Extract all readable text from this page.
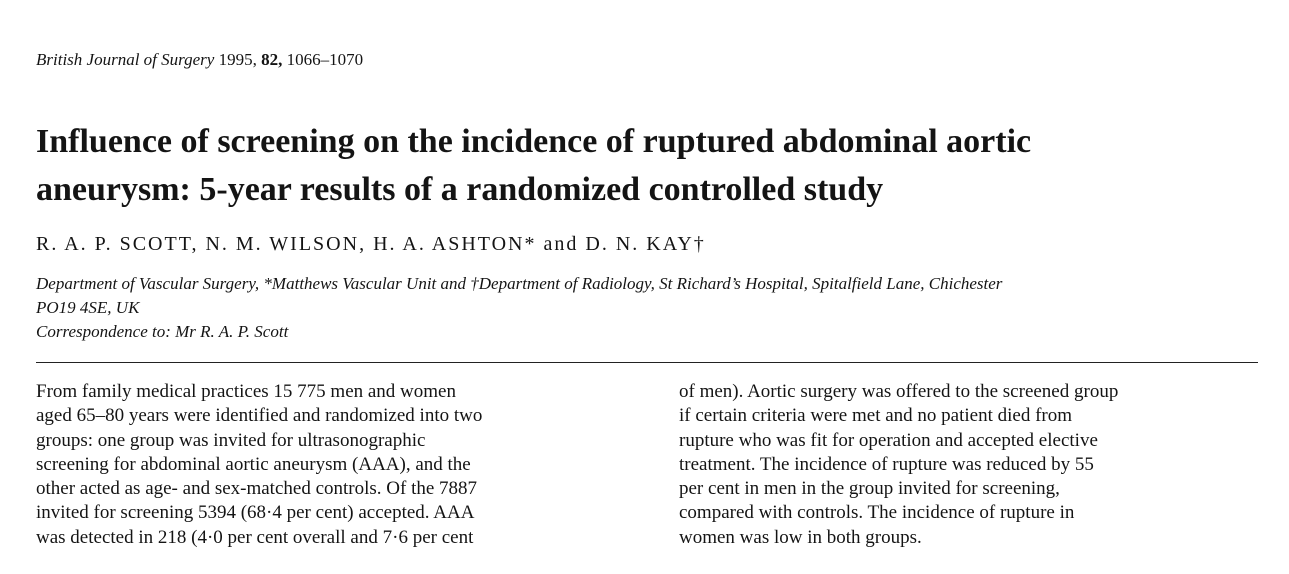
British Journal of Surgery 1995, 82, 1066–1070
Influence of screening on the incidence of ruptured abdominal aortic
aneurysm: 5-year results of a randomized controlled study
R. A. P. SCOTT, N. M. WILSON, H. A. ASHTON* and D. N. KAY†
Department of Vascular Surgery, *Matthews Vascular Unit and †Department of Radiology, St Richard’s Hospital, Spitalfield Lane, Chichester
PO19 4SE, UK
Correspondence to: Mr R. A. P. Scott
From family medical practices 15 775 men and women
aged 65–80 years were identified and randomized into two
groups: one group was invited for ultrasonographic
screening for abdominal aortic aneurysm (AAA), and the
other acted as age- and sex-matched controls. Of the 7887
invited for screening 5394 (68·4 per cent) accepted. AAA
was detected in 218 (4·0 per cent overall and 7·6 per cent
of men). Aortic surgery was offered to the screened group
if certain criteria were met and no patient died from
rupture who was fit for operation and accepted elective
treatment. The incidence of rupture was reduced by 55
per cent in men in the group invited for screening,
compared with controls. The incidence of rupture in
women was low in both groups.
